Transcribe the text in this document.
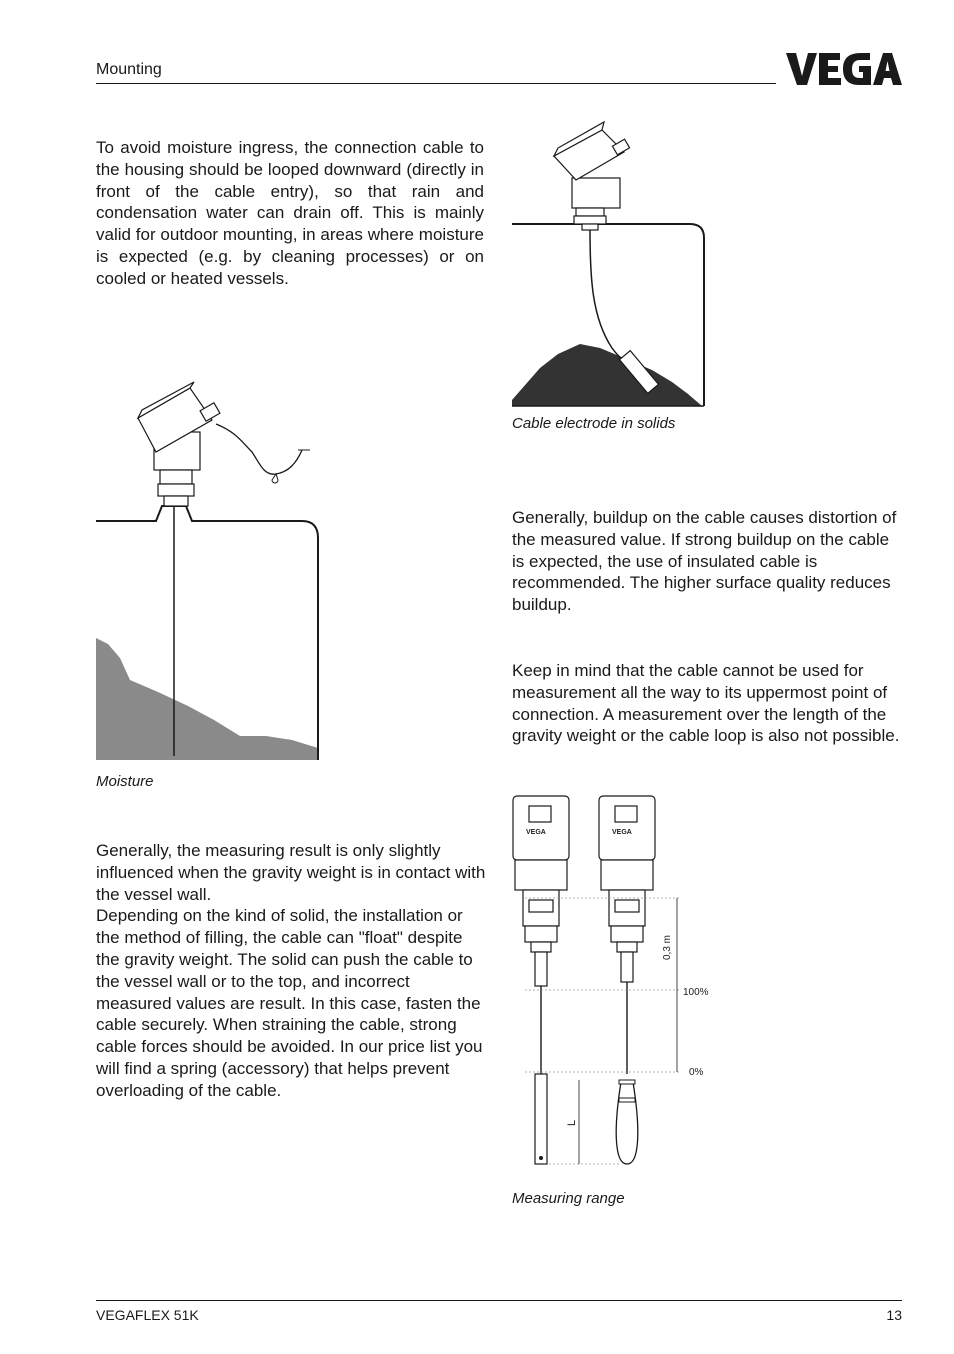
Mounting

To avoid moisture ingress, the connection cable to the housing should be looped downward (directly in front of the cable entry), so that rain and condensation water can drain off. This is mainly valid for outdoor mounting, in areas where moisture is expected (e.g. by cleaning processes) or on cooled or heated vessels.

Cable electrode in solids

Generally, buildup on the cable causes distortion of the measured value. If strong buildup on the cable is expected, the use of insulated cable is recommended. The higher surface quality reduces buildup.

Keep in mind that the cable cannot be used for measurement all the way to its uppermost point of connection. A measurement over the length of the gravity weight or the cable loop is also not possible.

Moisture

Generally, the measuring result is only slightly influenced when the gravity weight is in contact with the vessel wall.
Depending on the kind of solid, the installation or the method of filling, the cable can "float" despite the gravity weight. The solid can push the cable to the vessel wall or to the top, and incorrect measured values are result. In this case, fasten the cable securely. When straining the cable, strong cable forces should be avoided. In our price list you will find a spring (accessory) that helps prevent overloading of the cable.

VEGA	VEGA
0,3 m
100%
0%
L
Measuring range
VEGAFLEX 51K	13
